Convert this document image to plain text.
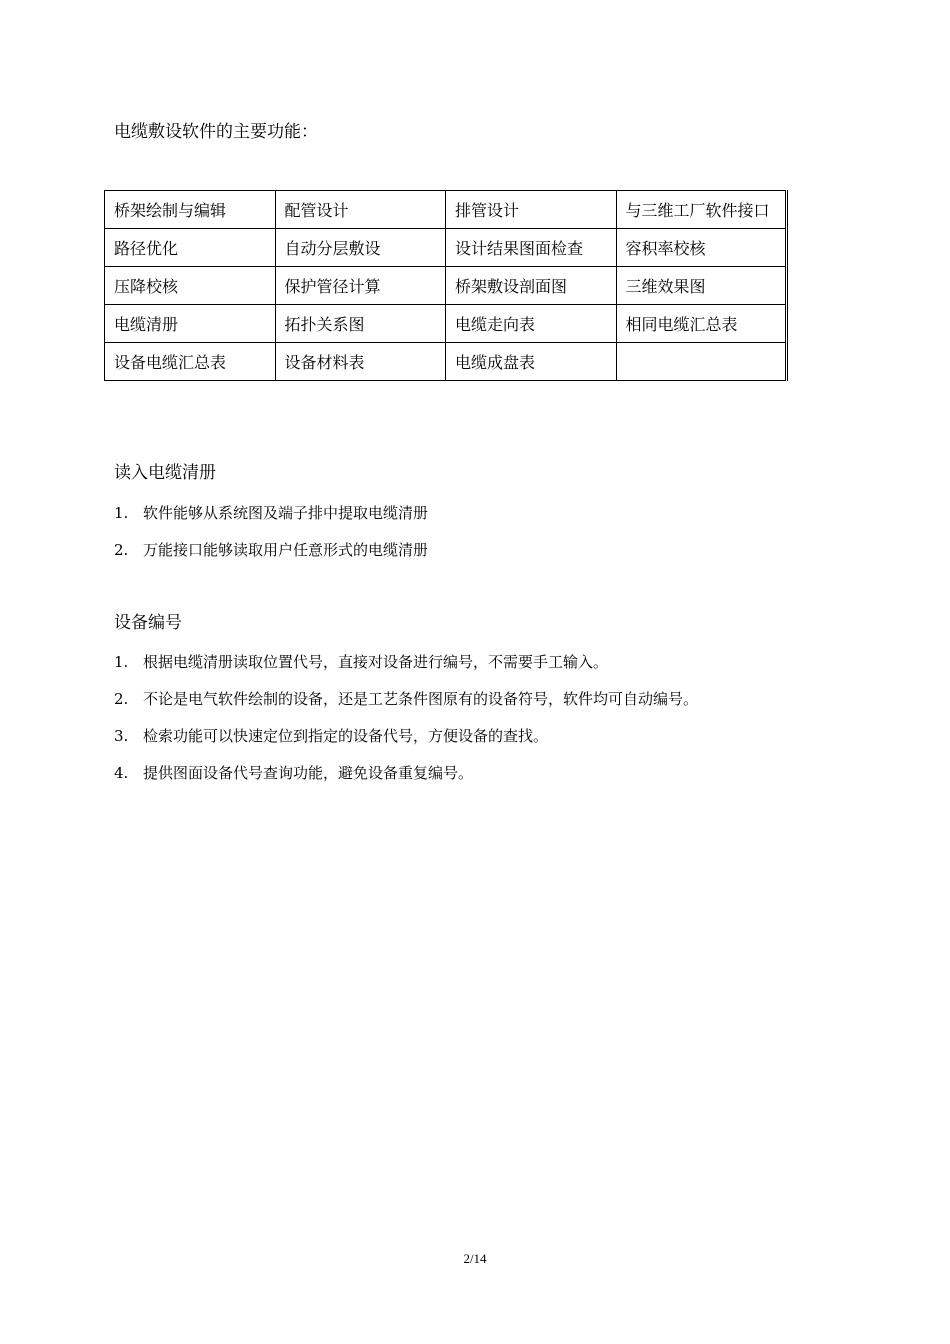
电缆敷设软件的主要功能：
桥架绘制与编辑	配管设计	排管设计	与三维工厂软件接口
路径优化	自动分层敷设	设计结果图面检查	容积率校核
压降校核	保护管径计算	桥架敷设剖面图	三维效果图
电缆清册	拓扑关系图	电缆走向表	相同电缆汇总表
设备电缆汇总表	设备材料表	电缆成盘表	
读入电缆清册
1. 软件能够从系统图及端子排中提取电缆清册
2. 万能接口能够读取用户任意形式的电缆清册
设备编号
1. 根据电缆清册读取位置代号，直接对设备进行编号，不需要手工输入。
2. 不论是电气软件绘制的设备，还是工艺条件图原有的设备符号，软件均可自动编号。
3. 检索功能可以快速定位到指定的设备代号，方便设备的查找。
4. 提供图面设备代号查询功能，避免设备重复编号。
2/14
